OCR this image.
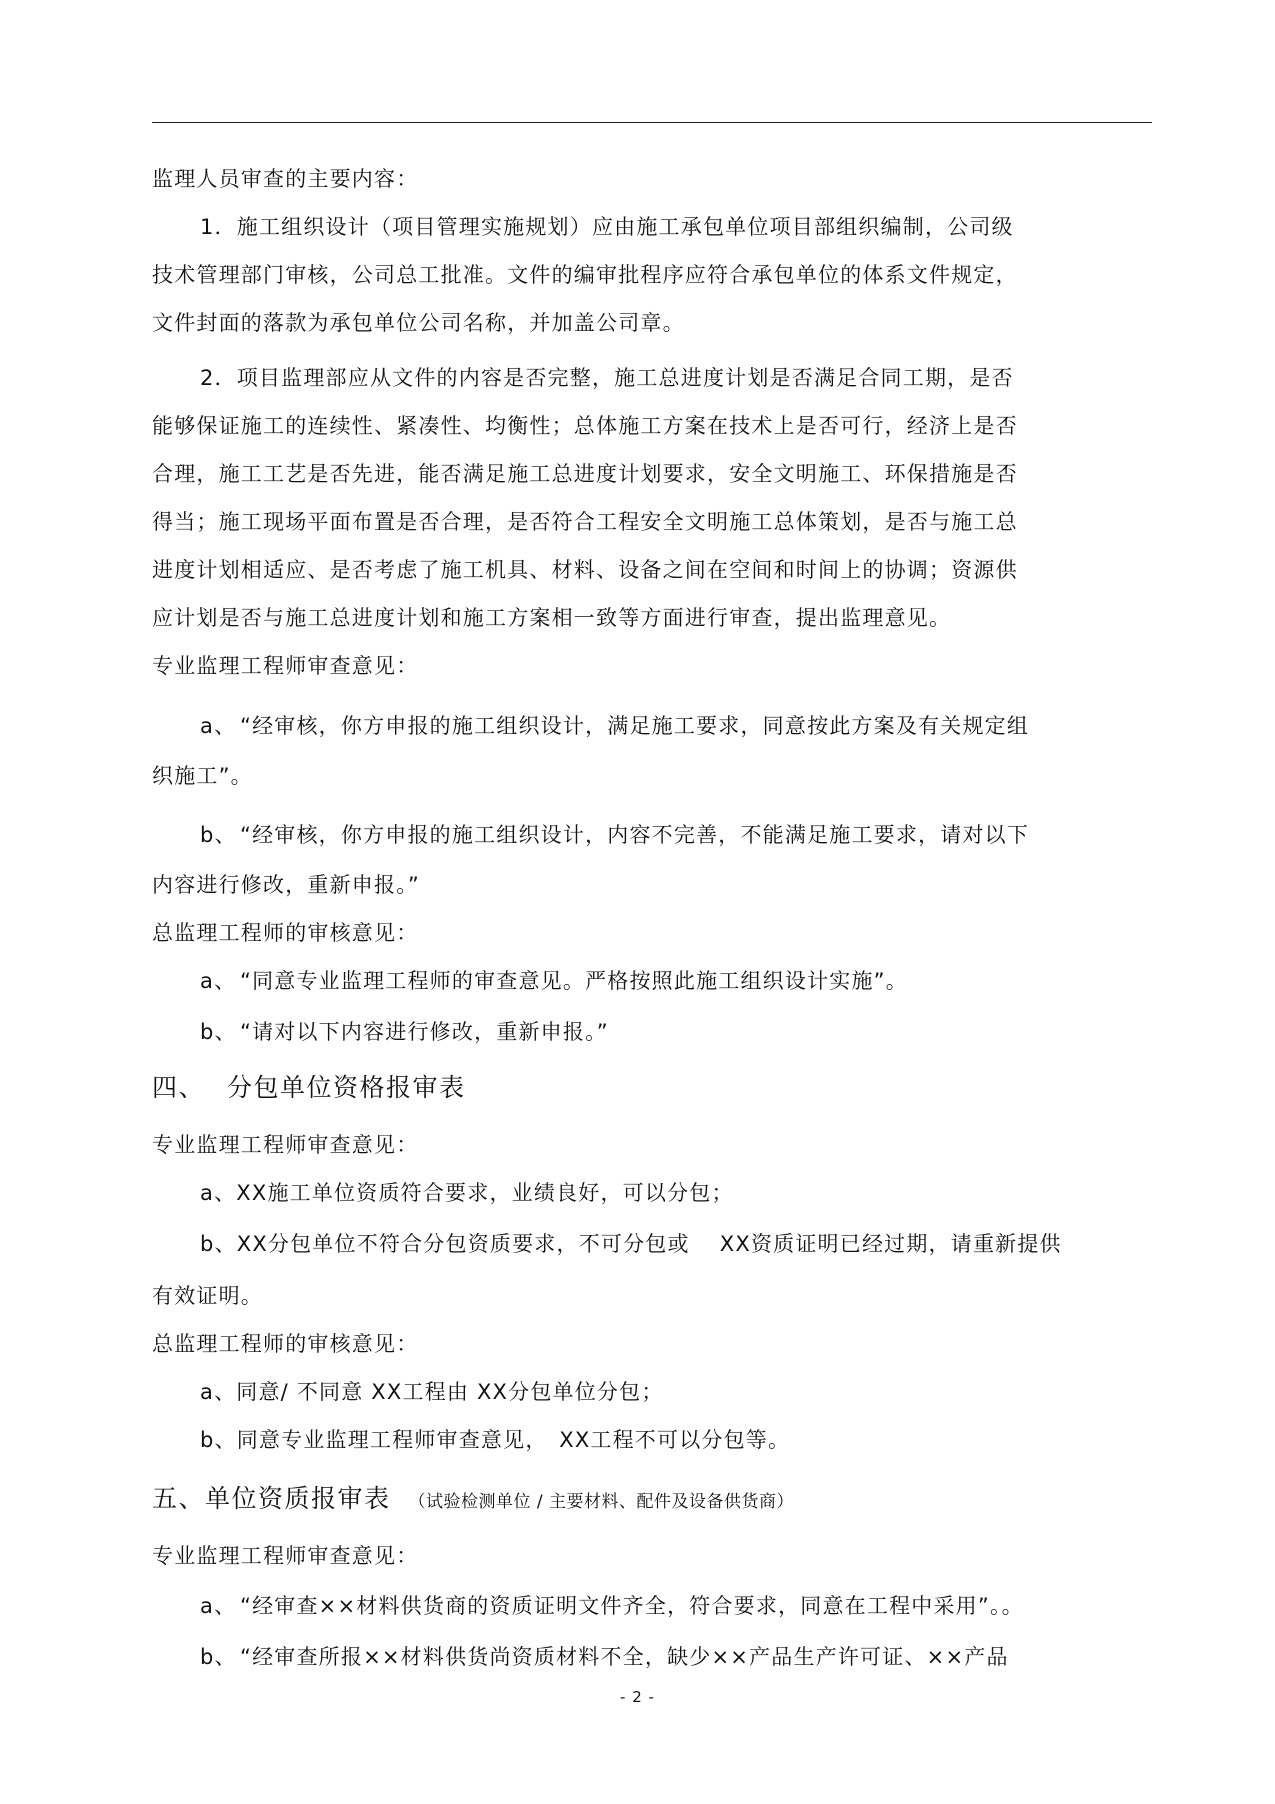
监理人员审查的主要内容：
1．施工组织设计（项目管理实施规划）应由施工承包单位项目部组织编制，公司级
技术管理部门审核，公司总工批准。文件的编审批程序应符合承包单位的体系文件规定，
文件封面的落款为承包单位公司名称，并加盖公司章。
2．项目监理部应从文件的内容是否完整，施工总进度计划是否满足合同工期，是否
能够保证施工的连续性、紧凑性、均衡性；总体施工方案在技术上是否可行，经济上是否
合理，施工工艺是否先进，能否满足施工总进度计划要求，安全文明施工、环保措施是否
得当；施工现场平面布置是否合理，是否符合工程安全文明施工总体策划，是否与施工总
进度计划相适应、是否考虑了施工机具、材料、设备之间在空间和时间上的协调；资源供
应计划是否与施工总进度计划和施工方案相一致等方面进行审查，提出监理意见。
专业监理工程师审查意见：
a、 “经审核，你方申报的施工组织设计，满足施工要求，同意按此方案及有关规定组
织施工”。
b、 “经审核，你方申报的施工组织设计，内容不完善，不能满足施工要求，请对以下
内容进行修改，重新申报。”
总监理工程师的审核意见：
a、 “同意专业监理工程师的审查意见。严格按照此施工组织设计实施”。
b、 “请对以下内容进行修改，重新申报。”
四、 分包单位资格报审表
专业监理工程师审查意见：
a、XX施工单位资质符合要求，业绩良好，可以分包；
b、XX分包单位不符合分包资质要求，不可分包或　 XX资质证明已经过期，请重新提供
有效证明。
总监理工程师的审核意见：
a、同意/ 不同意 XX工程由 XX分包单位分包；
b、同意专业监理工程师审查意见，　XX工程不可以分包等。
五、单位资质报审表 （试验检测单位 / 主要材料、配件及设备供货商）
专业监理工程师审查意见：
a、 “经审查××材料供货商的资质证明文件齐全，符合要求，同意在工程中采用”。。
b、 “经审查所报××材料供货尚资质材料不全，缺少××产品生产许可证、××产品
- 2 -
